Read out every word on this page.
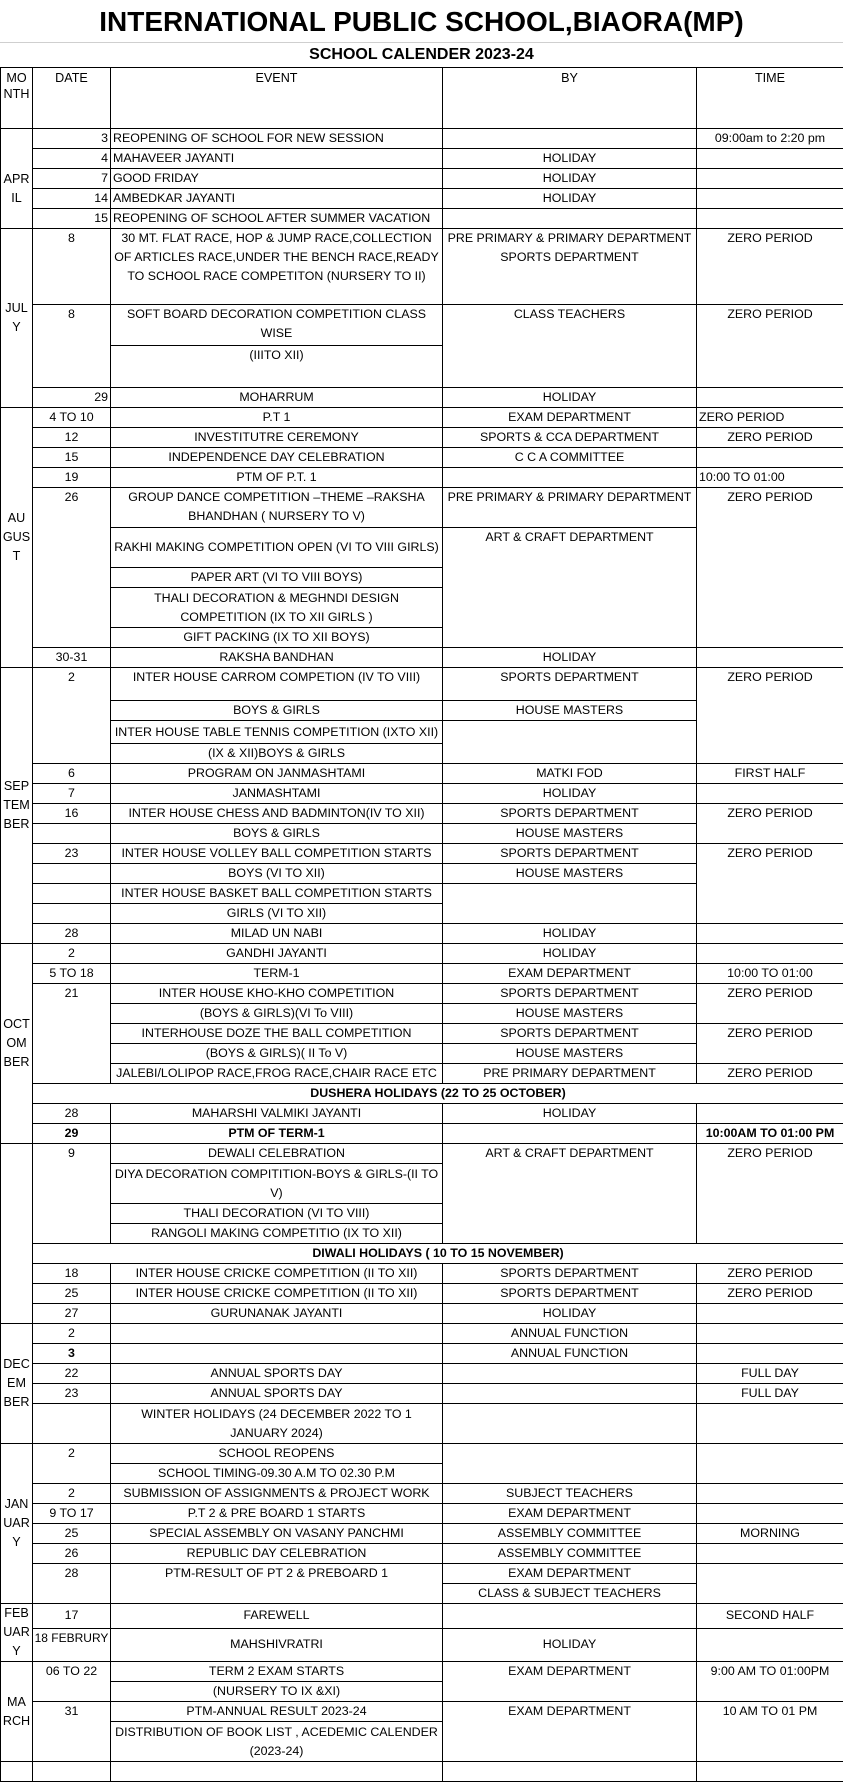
INTERNATIONAL PUBLIC SCHOOL,BIAORA(MP)
SCHOOL CALENDER 2023-24
MO NTH	DATE	EVENT	BY	TIME

APR
IL	3	REOPENING OF SCHOOL FOR NEW SESSION		09:00am to 2:20 pm
	4	MAHAVEER JAYANTI	HOLIDAY	
	7	GOOD FRIDAY	HOLIDAY	
	14	AMBEDKAR JAYANTI	HOLIDAY	
	15	REOPENING OF SCHOOL AFTER SUMMER VACATION		

JUL
Y	8	30 MT. FLAT RACE, HOP & JUMP RACE,COLLECTION OF ARTICLES RACE,UNDER THE BENCH RACE,READY TO SCHOOL RACE COMPETITON (NURSERY TO II)	PRE PRIMARY & PRIMARY DEPARTMENT SPORTS DEPARTMENT	ZERO PERIOD
	8	SOFT BOARD DECORATION COMPETITION CLASS WISE	CLASS TEACHERS	ZERO PERIOD
		(IIITO XII)		
	29	MOHARRUM	HOLIDAY	

AU
GUS
T	4 TO 10	P.T 1	EXAM DEPARTMENT	ZERO PERIOD
	12	INVESTITUTRE CEREMONY	SPORTS & CCA DEPARTMENT	ZERO PERIOD
	15	INDEPENDENCE DAY CELEBRATION	C C A COMMITTEE	
	19	PTM OF P.T. 1		10:00 TO 01:00
	26	GROUP DANCE COMPETITION –THEME –RAKSHA BHANDHAN ( NURSERY TO V)	PRE PRIMARY & PRIMARY DEPARTMENT	ZERO PERIOD
		RAKHI MAKING COMPETITION OPEN (VI TO VIII GIRLS)	ART & CRAFT DEPARTMENT	
		PAPER ART (VI TO VIII BOYS)		
		THALI DECORATION & MEGHNDI DESIGN COMPETITION (IX TO XII GIRLS )		
		GIFT PACKING (IX TO XII BOYS)		
	30-31	RAKSHA BANDHAN	HOLIDAY	

SEP
TEM
BER	2	INTER HOUSE CARROM COMPETION (IV TO VIII)	SPORTS DEPARTMENT	ZERO PERIOD
		BOYS & GIRLS	HOUSE MASTERS	
		INTER HOUSE TABLE TENNIS COMPETITION (IXTO XII)		
		(IX & XII)BOYS & GIRLS		
	6	PROGRAM ON JANMASHTAMI	MATKI FOD	FIRST HALF
	7	JANMASHTAMI	HOLIDAY	
	16	INTER HOUSE CHESS AND BADMINTON(IV TO XII)	SPORTS DEPARTMENT	ZERO PERIOD
		BOYS & GIRLS	HOUSE MASTERS	
	23	INTER HOUSE VOLLEY BALL COMPETITION STARTS	SPORTS DEPARTMENT	ZERO PERIOD
		BOYS (VI TO XII)	HOUSE MASTERS	
		INTER HOUSE BASKET BALL COMPETITION STARTS		
		GIRLS (VI TO XII)		
	28	MILAD UN NABI	HOLIDAY	

OCT
OM
BER	2	GANDHI JAYANTI	HOLIDAY	
	5 TO 18	TERM-1	EXAM DEPARTMENT	10:00 TO 01:00
	21	INTER HOUSE KHO-KHO COMPETITION	SPORTS DEPARTMENT	ZERO PERIOD
		(BOYS & GIRLS)(VI To VIII)	HOUSE MASTERS	
		INTERHOUSE DOZE THE BALL COMPETITION	SPORTS DEPARTMENT	ZERO PERIOD
		(BOYS & GIRLS)( II To V)	HOUSE MASTERS	
		JALEBI/LOLIPOP RACE,FROG RACE,CHAIR RACE ETC	PRE PRIMARY DEPARTMENT	ZERO PERIOD
	DUSHERA HOLIDAYS (22 TO 25 OCTOBER)			
	28	MAHARSHI VALMIKI JAYANTI	HOLIDAY	
	29	PTM OF TERM-1		10:00AM TO 01:00 PM
	9	DEWALI CELEBRATION	ART & CRAFT DEPARTMENT	ZERO PERIOD
		DIYA DECORATION COMPITITION-BOYS & GIRLS-(II TO V)		
		THALI DECORATION (VI TO VIII)		
		RANGOLI MAKING COMPETITIO (IX TO XII)		
	DIWALI HOLIDAYS ( 10 TO 15 NOVEMBER)			
	18	INTER HOUSE CRICKE COMPETITION (II TO XII)	SPORTS DEPARTMENT	ZERO PERIOD
	25	INTER HOUSE CRICKE COMPETITION (II TO XII)	SPORTS DEPARTMENT	ZERO PERIOD
	27	GURUNANAK JAYANTI	HOLIDAY	

DEC
EM
BER	2		ANNUAL FUNCTION	
	3		ANNUAL FUNCTION	
	22	ANNUAL SPORTS DAY		FULL DAY
	23	ANNUAL SPORTS DAY		FULL DAY
		WINTER HOLIDAYS (24 DECEMBER 2022 TO 1 JANUARY 2024)		

JAN
UAR
Y	2	SCHOOL REOPENS		
		SCHOOL TIMING-09.30 A.M TO 02.30 P.M		
	2	SUBMISSION OF ASSIGNMENTS & PROJECT WORK	SUBJECT TEACHERS	
	9 TO 17	P.T 2 & PRE BOARD 1 STARTS	EXAM DEPARTMENT	
	25	SPECIAL ASSEMBLY ON VASANY PANCHMI	ASSEMBLY COMMITTEE	MORNING
	26	REPUBLIC DAY CELEBRATION	ASSEMBLY COMMITTEE	
	28	PTM-RESULT OF PT 2 & PREBOARD 1	EXAM DEPARTMENT	
			CLASS & SUBJECT TEACHERS	

FEB
UAR
Y	17	FAREWELL		SECOND HALF
	18 FEBRURY	MAHSHIVRATRI	HOLIDAY	

MA
RCH	06 TO 22	TERM 2 EXAM STARTS	EXAM DEPARTMENT	9:00 AM TO 01:00PM
		(NURSERY TO IX &XI)		
	31	PTM-ANNUAL RESULT 2023-24	EXAM DEPARTMENT	10 AM TO 01 PM
		DISTRIBUTION OF BOOK LIST , ACEDEMIC CALENDER (2023-24)		
